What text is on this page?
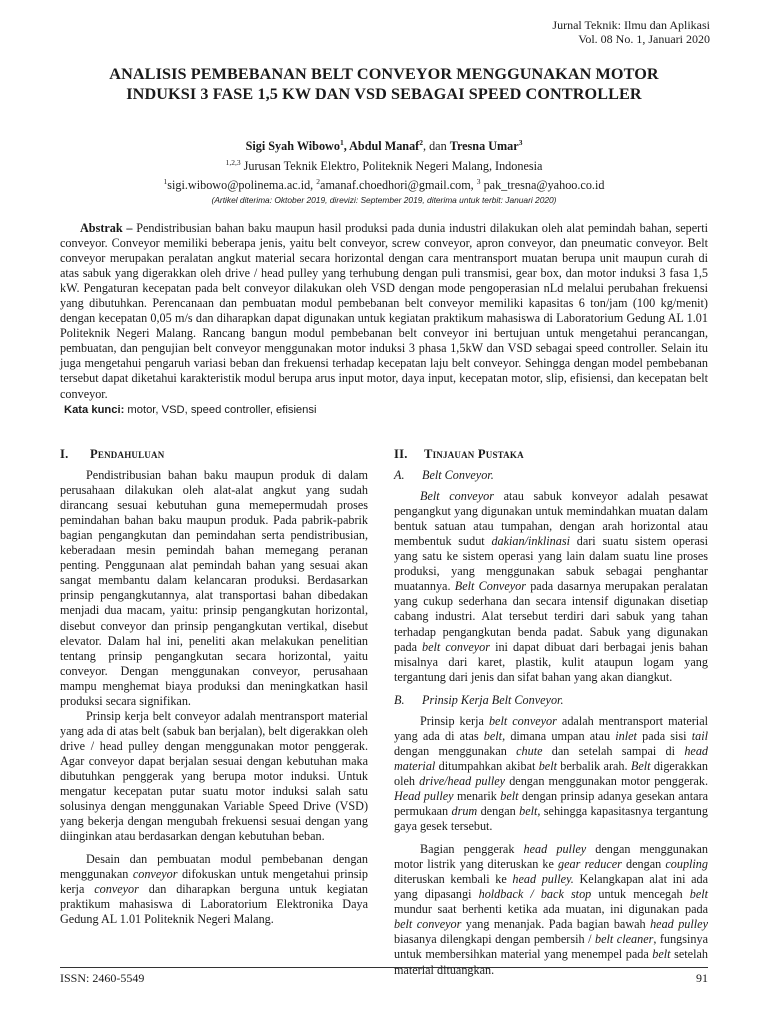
Jurnal Teknik: Ilmu dan Aplikasi
Vol. 08 No. 1, Januari 2020
ANALISIS PEMBEBANAN BELT CONVEYOR MENGGUNAKAN MOTOR
INDUKSI 3 FASE 1,5 KW DAN VSD SEBAGAI SPEED CONTROLLER
Sigi Syah Wibowo$^1$, Abdul Manaf$^2$, dan Tresna Umar$^3$
$^{1,2,3}$ Jurusan Teknik Elektro, Politeknik Negeri Malang, Indonesia
$^1$sigi.wibowo@polinema.ac.id, $^2$amanaf.choedhori@gmail.com, $^3$ pak_tresna@yahoo.co.id
(Artikel diterima: Oktober 2019, direvizi: September 2019, diterima untuk terbit: Januari 2020)
Abstrak – Pendistribusian bahan baku maupun hasil produksi pada dunia industri dilakukan oleh alat pemindah bahan, seperti conveyor. Conveyor memiliki beberapa jenis, yaitu belt conveyor, screw conveyor, apron conveyor, dan pneumatic conveyor. Belt conveyor merupakan peralatan angkut material secara horizontal dengan cara mentransport muatan berupa unit maupun curah di atas sabuk yang digerakkan oleh drive / head pulley yang terhubung dengan puli transmisi, gear box, dan motor induksi 3 fasa 1,5 kW. Pengaturan kecepatan pada belt conveyor dilakukan oleh VSD dengan mode pengoperasian nLd melalui perubahan frekuensi yang dibutuhkan. Perencanaan dan pembuatan modul pembebanan belt conveyor memiliki kapasitas 6 ton/jam (100 kg/menit) dengan kecepatan 0,05 m/s dan diharapkan dapat digunakan untuk kegiatan praktikum mahasiswa di Laboratorium Gedung AL 1.01 Politeknik Negeri Malang. Rancang bangun modul pembebanan belt conveyor ini bertujuan untuk mengetahui perancangan, pembuatan, dan pengujian belt conveyor menggunakan motor induksi 3 phasa 1,5kW dan VSD sebagai speed controller. Selain itu juga mengetahui pengaruh variasi beban dan frekuensi terhadap kecepatan laju belt conveyor. Sehingga dengan model pembebanan tersebut dapat diketahui karakteristik modul berupa arus input motor, daya input, kecepatan motor, slip, efisiensi, dan kecepatan belt conveyor.
Kata kunci: motor, VSD, speed controller, efisiensi
I. Pendahuluan

Pendistribusian bahan baku maupun produk di dalam perusahaan dilakukan oleh alat-alat angkut yang sudah dirancang sesuai kebutuhan guna memepermudah proses pemindahan bahan baku maupun produk. Pada pabrik-pabrik bagian pengangkutan dan pemindahan serta pendistribusian, keberadaan mesin pemindah bahan memegang peranan penting. Penggunaan alat pemindah bahan yang sesuai akan sangat membantu dalam kelancaran produksi. Berdasarkan prinsip pengangkutannya, alat transportasi bahan dibedakan menjadi dua macam, yaitu: prinsip pengangkutan horizontal, disebut conveyor dan prinsip pengangkutan vertikal, disebut elevator. Dalam hal ini, peneliti akan melakukan penelitian tentang prinsip pengangkutan secara horizontal, yaitu conveyor. Dengan menggunakan conveyor, perusahaan mampu menghemat biaya produksi dan meningkatkan hasil produksi secara signifikan.

Prinsip kerja belt conveyor adalah mentransport material yang ada di atas belt (sabuk ban berjalan), belt digerakkan oleh drive / head pulley dengan menggunakan motor penggerak. Agar conveyor dapat berjalan sesuai dengan kebutuhan maka dibutuhkan penggerak yang berupa motor induksi. Untuk mengatur kecepatan putar suatu motor induksi salah satu solusinya dengan menggunakan Variable Speed Drive (VSD) yang bekerja dengan mengubah frekuensi sesuai dengan yang diinginkan atau berdasarkan dengan kebutuhan beban.

Desain dan pembuatan modul pembebanan dengan menggunakan conveyor difokuskan untuk mengetahui prinsip kerja conveyor dan diharapkan berguna untuk kegiatan praktikum mahasiswa di Laboratorium Elektronika Daya Gedung AL 1.01 Politeknik Negeri Malang.

II. Tinjauan Pustaka
A. Belt Conveyor.

Belt conveyor atau sabuk konveyor adalah pesawat pengangkut yang digunakan untuk memindahkan muatan dalam bentuk satuan atau tumpahan, dengan arah horizontal atau membentuk sudut dakian/inklinasi dari suatu sistem operasi yang satu ke sistem operasi yang lain dalam suatu line proses produksi, yang menggunakan sabuk sebagai penghantar muatannya. Belt Conveyor pada dasarnya merupakan peralatan yang cukup sederhana dan secara intensif digunakan disetiap cabang industri. Alat tersebut terdiri dari sabuk yang tahan terhadap pengangkutan benda padat. Sabuk yang digunakan pada belt conveyor ini dapat dibuat dari berbagai jenis bahan misalnya dari karet, plastik, kulit ataupun logam yang tergantung dari jenis dan sifat bahan yang akan diangkut.

B. Prinsip Kerja Belt Conveyor.

Prinsip kerja belt conveyor adalah mentransport material yang ada di atas belt, dimana umpan atau inlet pada sisi tail dengan menggunakan chute dan setelah sampai di head material ditumpahkan akibat belt berbalik arah. Belt digerakkan oleh drive/head pulley dengan menggunakan motor penggerak. Head pulley menarik belt dengan prinsip adanya gesekan antara permukaan drum dengan belt, sehingga kapasitasnya tergantung gaya gesek tersebut.

Bagian penggerak head pulley dengan menggunakan motor listrik yang diteruskan ke gear reducer dengan coupling diteruskan kembali ke head pulley. Kelangkapan alat ini ada yang dipasangi holdback / back stop untuk mencegah belt mundur saat berhenti ketika ada muatan, ini digunakan pada belt conveyor yang menanjak. Pada bagian bawah head pulley biasanya dilengkapi dengan pembersih / belt cleaner, fungsinya untuk membersihkan material yang menempel pada belt setelah material dituangkan.

ISSN: 2460-5549	91
